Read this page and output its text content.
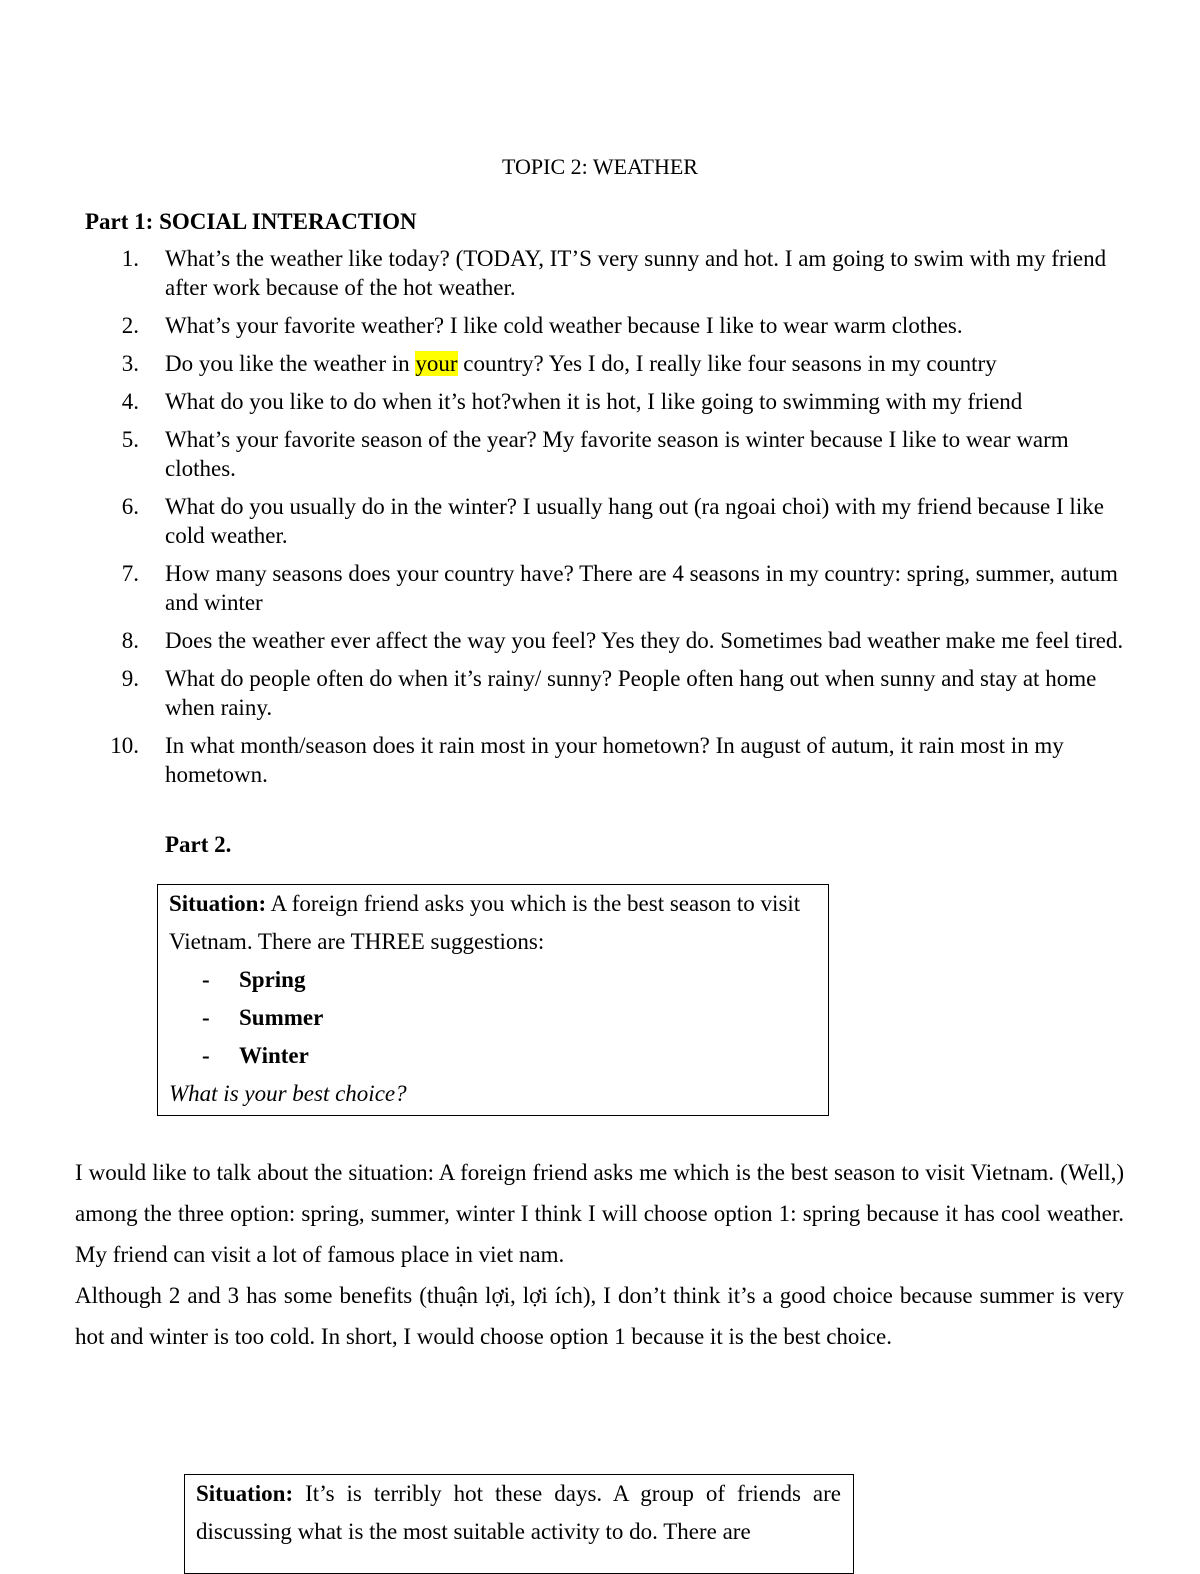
TOPIC 2: WEATHER
Part 1: SOCIAL INTERACTION
1. What’s the weather like today? (TODAY, IT’S very sunny and hot. I am going to swim with my friend after work because of the hot weather.
2. What’s your favorite weather? I like cold weather because I like to wear warm clothes.
3. Do you like the weather in your country? Yes I do, I really like four seasons in my country
4. What do you like to do when it’s hot?when it is hot, I like going to swimming with my friend
5. What’s your favorite season of the year? My favorite season is winter because I like to wear warm clothes.
6. What do you usually do in the winter? I usually hang out (ra ngoai choi) with my friend because I like cold weather.
7. How many seasons does your country have? There are 4 seasons in my country: spring, summer, autum and winter
8. Does the weather ever affect the way you feel? Yes they do. Sometimes bad weather make me feel tired.
9. What do people often do when it’s rainy/ sunny? People often hang out when sunny and stay at home when rainy.
10. In what month/season does it rain most in your hometown? In august of autum, it rain most in my hometown.
Part 2.
Situation: A foreign friend asks you which is the best season to visit Vietnam. There are THREE suggestions:
- Spring
- Summer
- Winter
What is your best choice?

I would like to talk about the situation: A foreign friend asks me which is the best season to visit Vietnam. (Well,) among the three option: spring, summer, winter I think I will choose option 1: spring because it has cool weather. My friend can visit a lot of famous place in viet nam.

Although 2 and 3 has some benefits (thuận lợi, lợi ích), I don’t think it’s a good choice because summer is very hot and winter is too cold. In short, I would choose option 1 because it is the best choice.

Situation: It’s is terribly hot these days. A group of friends are discussing what is the most suitable activity to do. There are
